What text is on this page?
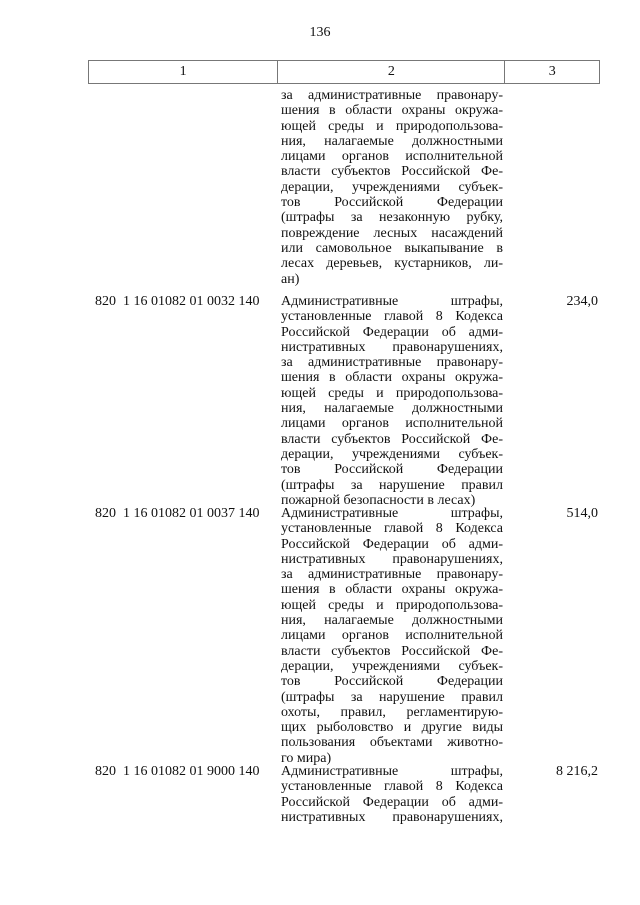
136
1	2	3
за административные правонару-
шения в области охраны окружа-
ющей среды и природопользова-
ния, налагаемые должностными
лицами органов исполнительной
власти субъектов Российской Фе-
дерации, учреждениями субъек-
тов Российской Федерации
(штрафы за незаконную рубку,
повреждение лесных насаждений
или самовольное выкапывание в
лесах деревьев, кустарников, ли-
ан)
820  1 16 01082 01 0032 140 Административные штрафы,
установленные главой 8 Кодекса
Российской Федерации об адми-
нистративных правонарушениях,
за административные правонару-
шения в области охраны окружа-
ющей среды и природопользова-
ния, налагаемые должностными
лицами органов исполнительной
власти субъектов Российской Фе-
дерации, учреждениями субъек-
тов Российской Федерации
(штрафы за нарушение правил
пожарной безопасности в лесах)
234,0
820  1 16 01082 01 0037 140 Административные штрафы,
установленные главой 8 Кодекса
Российской Федерации об адми-
нистративных правонарушениях,
за административные правонару-
шения в области охраны окружа-
ющей среды и природопользова-
ния, налагаемые должностными
лицами органов исполнительной
власти субъектов Российской Фе-
дерации, учреждениями субъек-
тов Российской Федерации
(штрафы за нарушение правил
охоты, правил, регламентирую-
щих рыболовство и другие виды
пользования объектами животно-
го мира)
514,0
820  1 16 01082 01 9000 140 Административные штрафы,
установленные главой 8 Кодекса
Российской Федерации об адми-
нистративных правонарушениях,
8 216,2
